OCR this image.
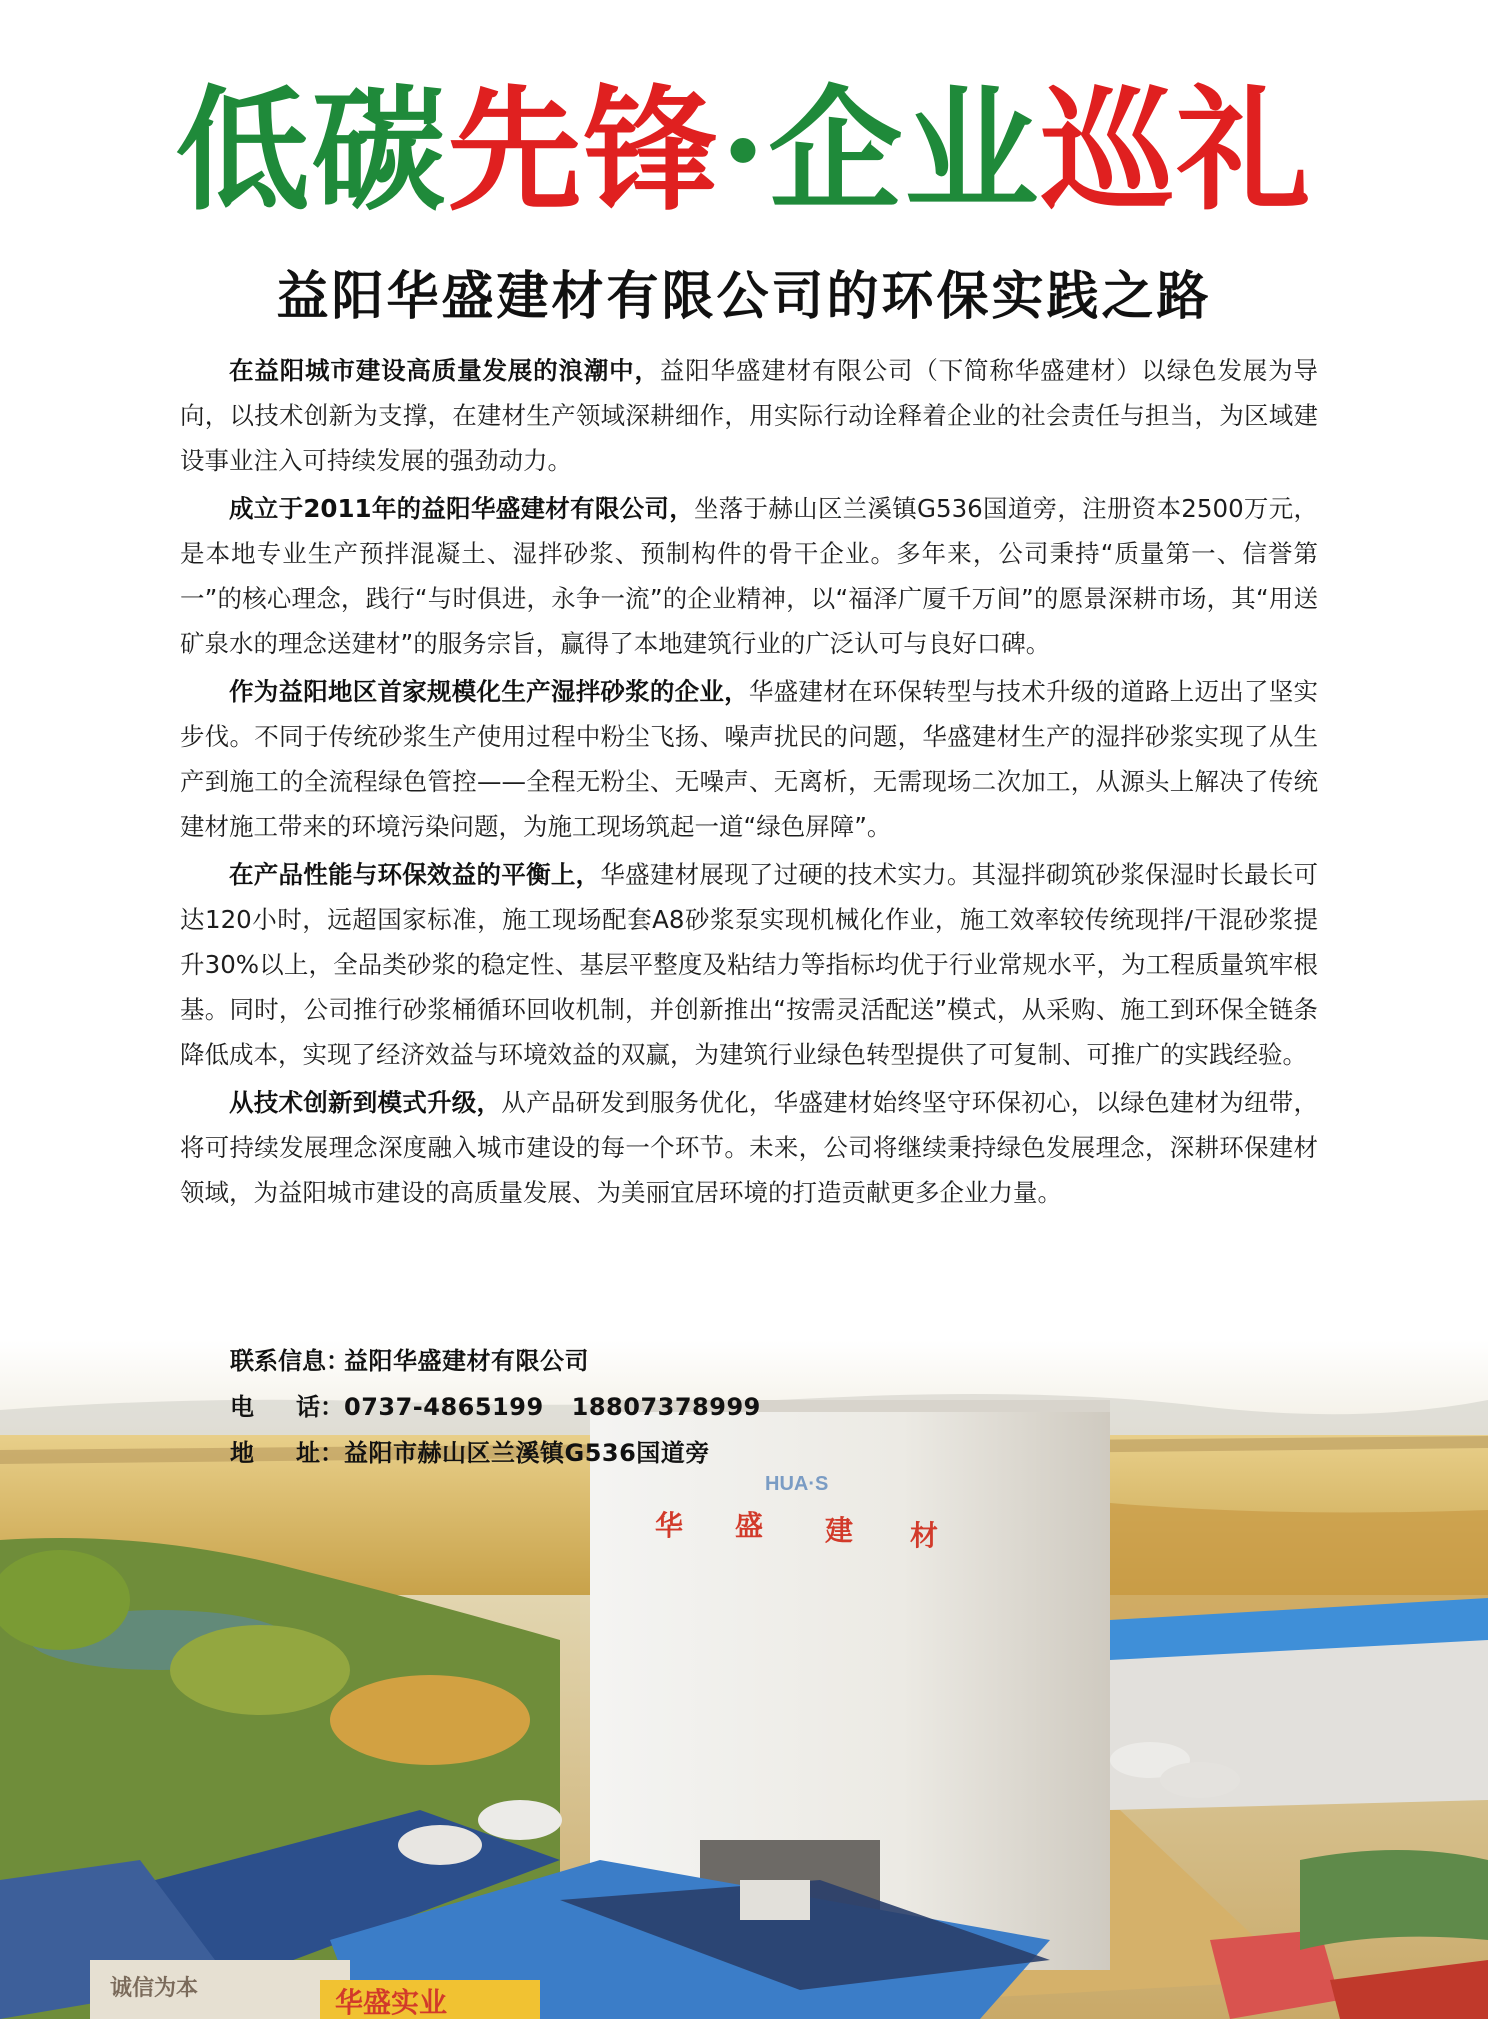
低碳先锋·企业巡礼
益阳华盛建材有限公司的环保实践之路

在益阳城市建设高质量发展的浪潮中，益阳华盛建材有限公司（下简称华盛建材）以绿色发展为导向，以技术创新为支撑，在建材生产领域深耕细作，用实际行动诠释着企业的社会责任与担当，为区域建设事业注入可持续发展的强劲动力。

成立于2011年的益阳华盛建材有限公司，坐落于赫山区兰溪镇G536国道旁，注册资本2500万元，是本地专业生产预拌混凝土、湿拌砂浆、预制构件的骨干企业。多年来，公司秉持“质量第一、信誉第一”的核心理念，践行“与时俱进，永争一流”的企业精神，以“福泽广厦千万间”的愿景深耕市场，其“用送矿泉水的理念送建材”的服务宗旨，赢得了本地建筑行业的广泛认可与良好口碑。

作为益阳地区首家规模化生产湿拌砂浆的企业，华盛建材在环保转型与技术升级的道路上迈出了坚实步伐。不同于传统砂浆生产使用过程中粉尘飞扬、噪声扰民的问题，华盛建材生产的湿拌砂浆实现了从生产到施工的全流程绿色管控——全程无粉尘、无噪声、无离析，无需现场二次加工，从源头上解决了传统建材施工带来的环境污染问题，为施工现场筑起一道“绿色屏障”。

在产品性能与环保效益的平衡上，华盛建材展现了过硬的技术实力。其湿拌砌筑砂浆保湿时长最长可达120小时，远超国家标准，施工现场配套A8砂浆泵实现机械化作业，施工效率较传统现拌/干混砂浆提升30%以上，全品类砂浆的稳定性、基层平整度及粘结力等指标均优于行业常规水平，为工程质量筑牢根基。同时，公司推行砂浆桶循环回收机制，并创新推出“按需灵活配送”模式，从采购、施工到环保全链条降低成本，实现了经济效益与环境效益的双赢，为建筑行业绿色转型提供了可复制、可推广的实践经验。

从技术创新到模式升级，从产品研发到服务优化，华盛建材始终坚守环保初心，以绿色建材为纽带，将可持续发展理念深度融入城市建设的每一个环节。未来，公司将继续秉持绿色发展理念，深耕环保建材领域，为益阳城市建设的高质量发展、为美丽宜居环境的打造贡献更多企业力量。

HUA·S
华 盛 建 材
华盛实业
诚信为本
联系信息：
益阳华盛建材有限公司
电 话： 0737-4865199 18807378999
地 址： 益阳市赫山区兰溪镇G536国道旁
